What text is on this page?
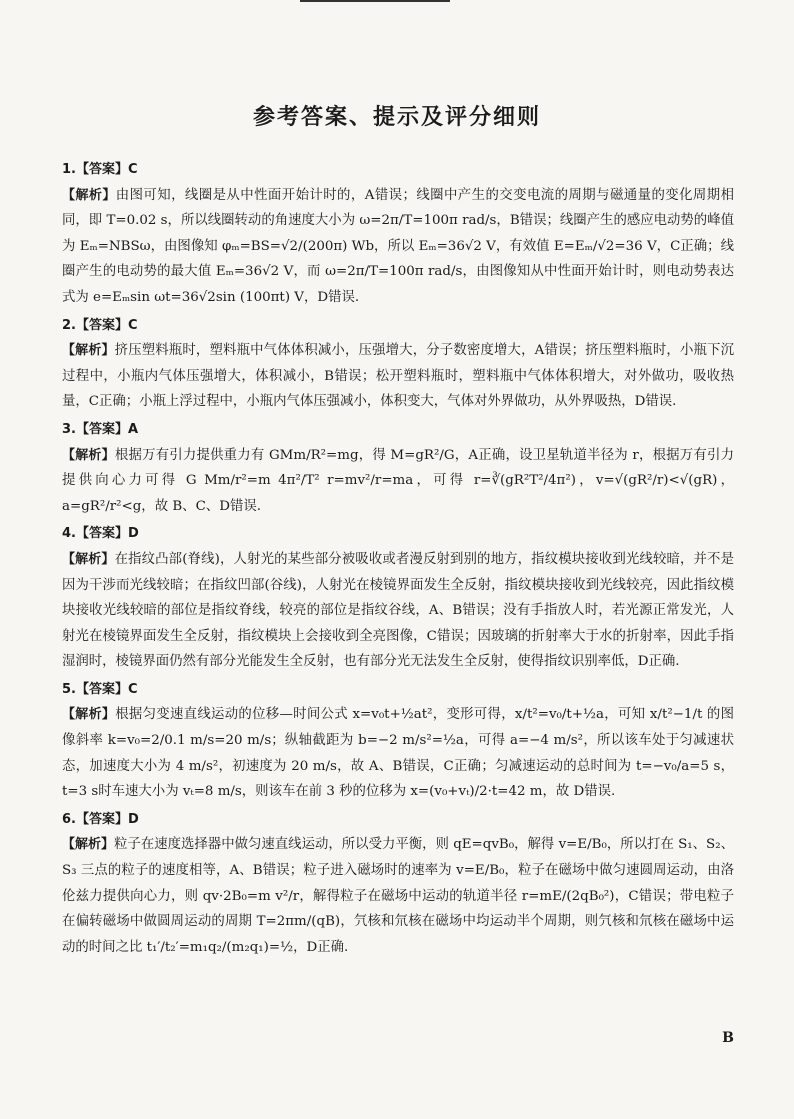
参考答案、提示及评分细则
1.【答案】C
【解析】由图可知，线圈是从中性面开始计时的，A错误；线圈中产生的交变电流的周期与磁通量的变化周期相同，即 T=0.02 s，所以线圈转动的角速度大小为 ω=2π/T=100π rad/s，B错误；线圈产生的感应电动势的峰值为 Eₘ=NBSω，由图像知 φₘ=BS=√2/(200π) Wb，所以 Eₘ=36√2 V，有效值 E=Eₘ/√2=36 V，C正确；线圈产生的电动势的最大值 Eₘ=36√2 V，而 ω=2π/T=100π rad/s，由图像知从中性面开始计时，则电动势表达式为 e=Eₘsin ωt=36√2sin (100πt) V，D错误.
2.【答案】C
【解析】挤压塑料瓶时，塑料瓶中气体体积减小，压强增大，分子数密度增大，A错误；挤压塑料瓶时，小瓶下沉过程中，小瓶内气体压强增大，体积减小，B错误；松开塑料瓶时，塑料瓶中气体体积增大，对外做功，吸收热量，C正确；小瓶上浮过程中，小瓶内气体压强减小，体积变大，气体对外界做功，从外界吸热，D错误.
3.【答案】A
【解析】根据万有引力提供重力有 GMm/R²=mg，得 M=gR²/G，A正确，设卫星轨道半径为 r，根据万有引力提供向心力可得 G Mm/r²=m 4π²/T² r=mv²/r=ma，可得 r=∛(gR²T²/4π²)，v=√(gR²/r)<√(gR)，a=gR²/r²<g，故 B、C、D错误.
4.【答案】D
【解析】在指纹凸部(脊线)，人射光的某些部分被吸收或者漫反射到别的地方，指纹模块接收到光线较暗，并不是因为干涉而光线较暗；在指纹凹部(谷线)，人射光在棱镜界面发生全反射，指纹模块接收到光线较亮，因此指纹模块接收光线较暗的部位是指纹脊线，较亮的部位是指纹谷线，A、B错误；没有手指放人时，若光源正常发光，人射光在棱镜界面发生全反射，指纹模块上会接收到全亮图像，C错误；因玻璃的折射率大于水的折射率，因此手指湿润时，棱镜界面仍然有部分光能发生全反射，也有部分光无法发生全反射，使得指纹识别率低，D正确.
5.【答案】C
【解析】根据匀变速直线运动的位移—时间公式 x=v₀t+½at²，变形可得，x/t²=v₀/t+½a，可知 x/t²−1/t 的图像斜率 k=v₀=2/0.1 m/s=20 m/s；纵轴截距为 b=−2 m/s²=½a，可得 a=−4 m/s²，所以该车处于匀减速状态，加速度大小为 4 m/s²，初速度为 20 m/s，故 A、B错误，C正确；匀减速运动的总时间为 t=−v₀/a=5 s，t=3 s时车速大小为 vₜ=8 m/s，则该车在前 3 秒的位移为 x=(v₀+vₜ)/2·t=42 m，故 D错误.
6.【答案】D
【解析】粒子在速度选择器中做匀速直线运动，所以受力平衡，则 qE=qvB₀，解得 v=E/B₀，所以打在 S₁、S₂、S₃ 三点的粒子的速度相等，A、B错误；粒子进入磁场时的速率为 v=E/B₀，粒子在磁场中做匀速圆周运动，由洛伦兹力提供向心力，则 qv·2B₀=m v²/r，解得粒子在磁场中运动的轨道半径 r=mE/(2qB₀²)，C错误；带电粒子在偏转磁场中做圆周运动的周期 T=2πm/(qB)，氕核和氘核在磁场中均运动半个周期，则氕核和氘核在磁场中运动的时间之比 t₁′/t₂′=m₁q₂/(m₂q₁)=½，D正确.
B
